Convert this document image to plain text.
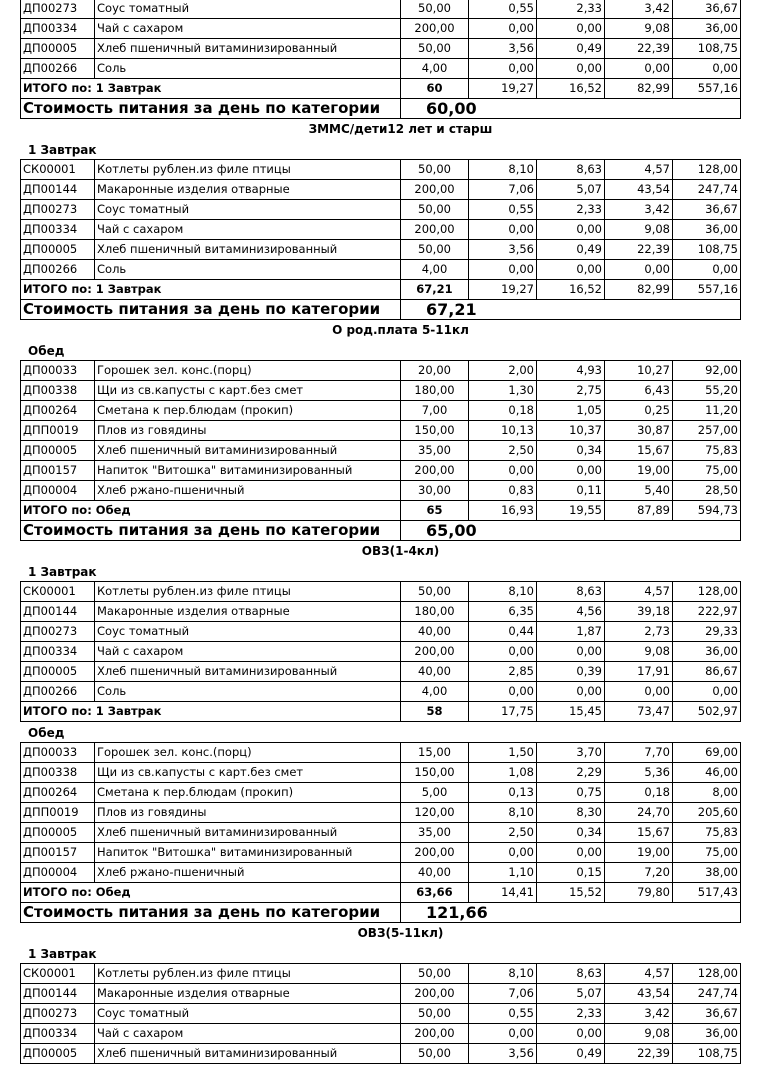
ДП00273	Соус томатный	50,00	0,55	2,33	3,42	36,67
ДП00334	Чай с сахаром	200,00	0,00	0,00	9,08	36,00
ДП00005	Хлеб пшеничный витаминизированный	50,00	3,56	0,49	22,39	108,75
ДП00266	Соль	4,00	0,00	0,00	0,00	0,00
ИТОГО по: 1 Завтрак		60	19,27	16,52	82,99	557,16
Стоимость питания за день по категории		60,00				
ЗММС/дети12 лет и старш
1 Завтрак
СК00001	Котлеты рублен.из филе птицы	50,00	8,10	8,63	4,57	128,00
ДП00144	Макаронные изделия отварные	200,00	7,06	5,07	43,54	247,74
ДП00273	Соус томатный	50,00	0,55	2,33	3,42	36,67
ДП00334	Чай с сахаром	200,00	0,00	0,00	9,08	36,00
ДП00005	Хлеб пшеничный витаминизированный	50,00	3,56	0,49	22,39	108,75
ДП00266	Соль	4,00	0,00	0,00	0,00	0,00
ИТОГО по: 1 Завтрак		67,21	19,27	16,52	82,99	557,16
Стоимость питания за день по категории		67,21				
О род.плата 5-11кл
Обед
ДП00033	Горошек зел. конс.(порц)	20,00	2,00	4,93	10,27	92,00
ДП00338	Щи из св.капусты с карт.без смет	180,00	1,30	2,75	6,43	55,20
ДП00264	Сметана к пер.блюдам (прокип)	7,00	0,18	1,05	0,25	11,20
ДПП0019	Плов из говядины	150,00	10,13	10,37	30,87	257,00
ДП00005	Хлеб пшеничный витаминизированный	35,00	2,50	0,34	15,67	75,83
ДП00157	Напиток "Витошка" витаминизированный	200,00	0,00	0,00	19,00	75,00
ДП00004	Хлеб ржано-пшеничный	30,00	0,83	0,11	5,40	28,50
ИТОГО по: Обед		65	16,93	19,55	87,89	594,73
Стоимость питания за день по категории		65,00				
ОВЗ(1-4кл)
1 Завтрак
СК00001	Котлеты рублен.из филе птицы	50,00	8,10	8,63	4,57	128,00
ДП00144	Макаронные изделия отварные	180,00	6,35	4,56	39,18	222,97
ДП00273	Соус томатный	40,00	0,44	1,87	2,73	29,33
ДП00334	Чай с сахаром	200,00	0,00	0,00	9,08	36,00
ДП00005	Хлеб пшеничный витаминизированный	40,00	2,85	0,39	17,91	86,67
ДП00266	Соль	4,00	0,00	0,00	0,00	0,00
ИТОГО по: 1 Завтрак		58	17,75	15,45	73,47	502,97
Обед
ДП00033	Горошек зел. конс.(порц)	15,00	1,50	3,70	7,70	69,00
ДП00338	Щи из св.капусты с карт.без смет	150,00	1,08	2,29	5,36	46,00
ДП00264	Сметана к пер.блюдам (прокип)	5,00	0,13	0,75	0,18	8,00
ДПП0019	Плов из говядины	120,00	8,10	8,30	24,70	205,60
ДП00005	Хлеб пшеничный витаминизированный	35,00	2,50	0,34	15,67	75,83
ДП00157	Напиток "Витошка" витаминизированный	200,00	0,00	0,00	19,00	75,00
ДП00004	Хлеб ржано-пшеничный	40,00	1,10	0,15	7,20	38,00
ИТОГО по: Обед		63,66	14,41	15,52	79,80	517,43
Стоимость питания за день по категории		121,66				
ОВЗ(5-11кл)
1 Завтрак
СК00001	Котлеты рублен.из филе птицы	50,00	8,10	8,63	4,57	128,00
ДП00144	Макаронные изделия отварные	200,00	7,06	5,07	43,54	247,74
ДП00273	Соус томатный	50,00	0,55	2,33	3,42	36,67
ДП00334	Чай с сахаром	200,00	0,00	0,00	9,08	36,00
ДП00005	Хлеб пшеничный витаминизированный	50,00	3,56	0,49	22,39	108,75
